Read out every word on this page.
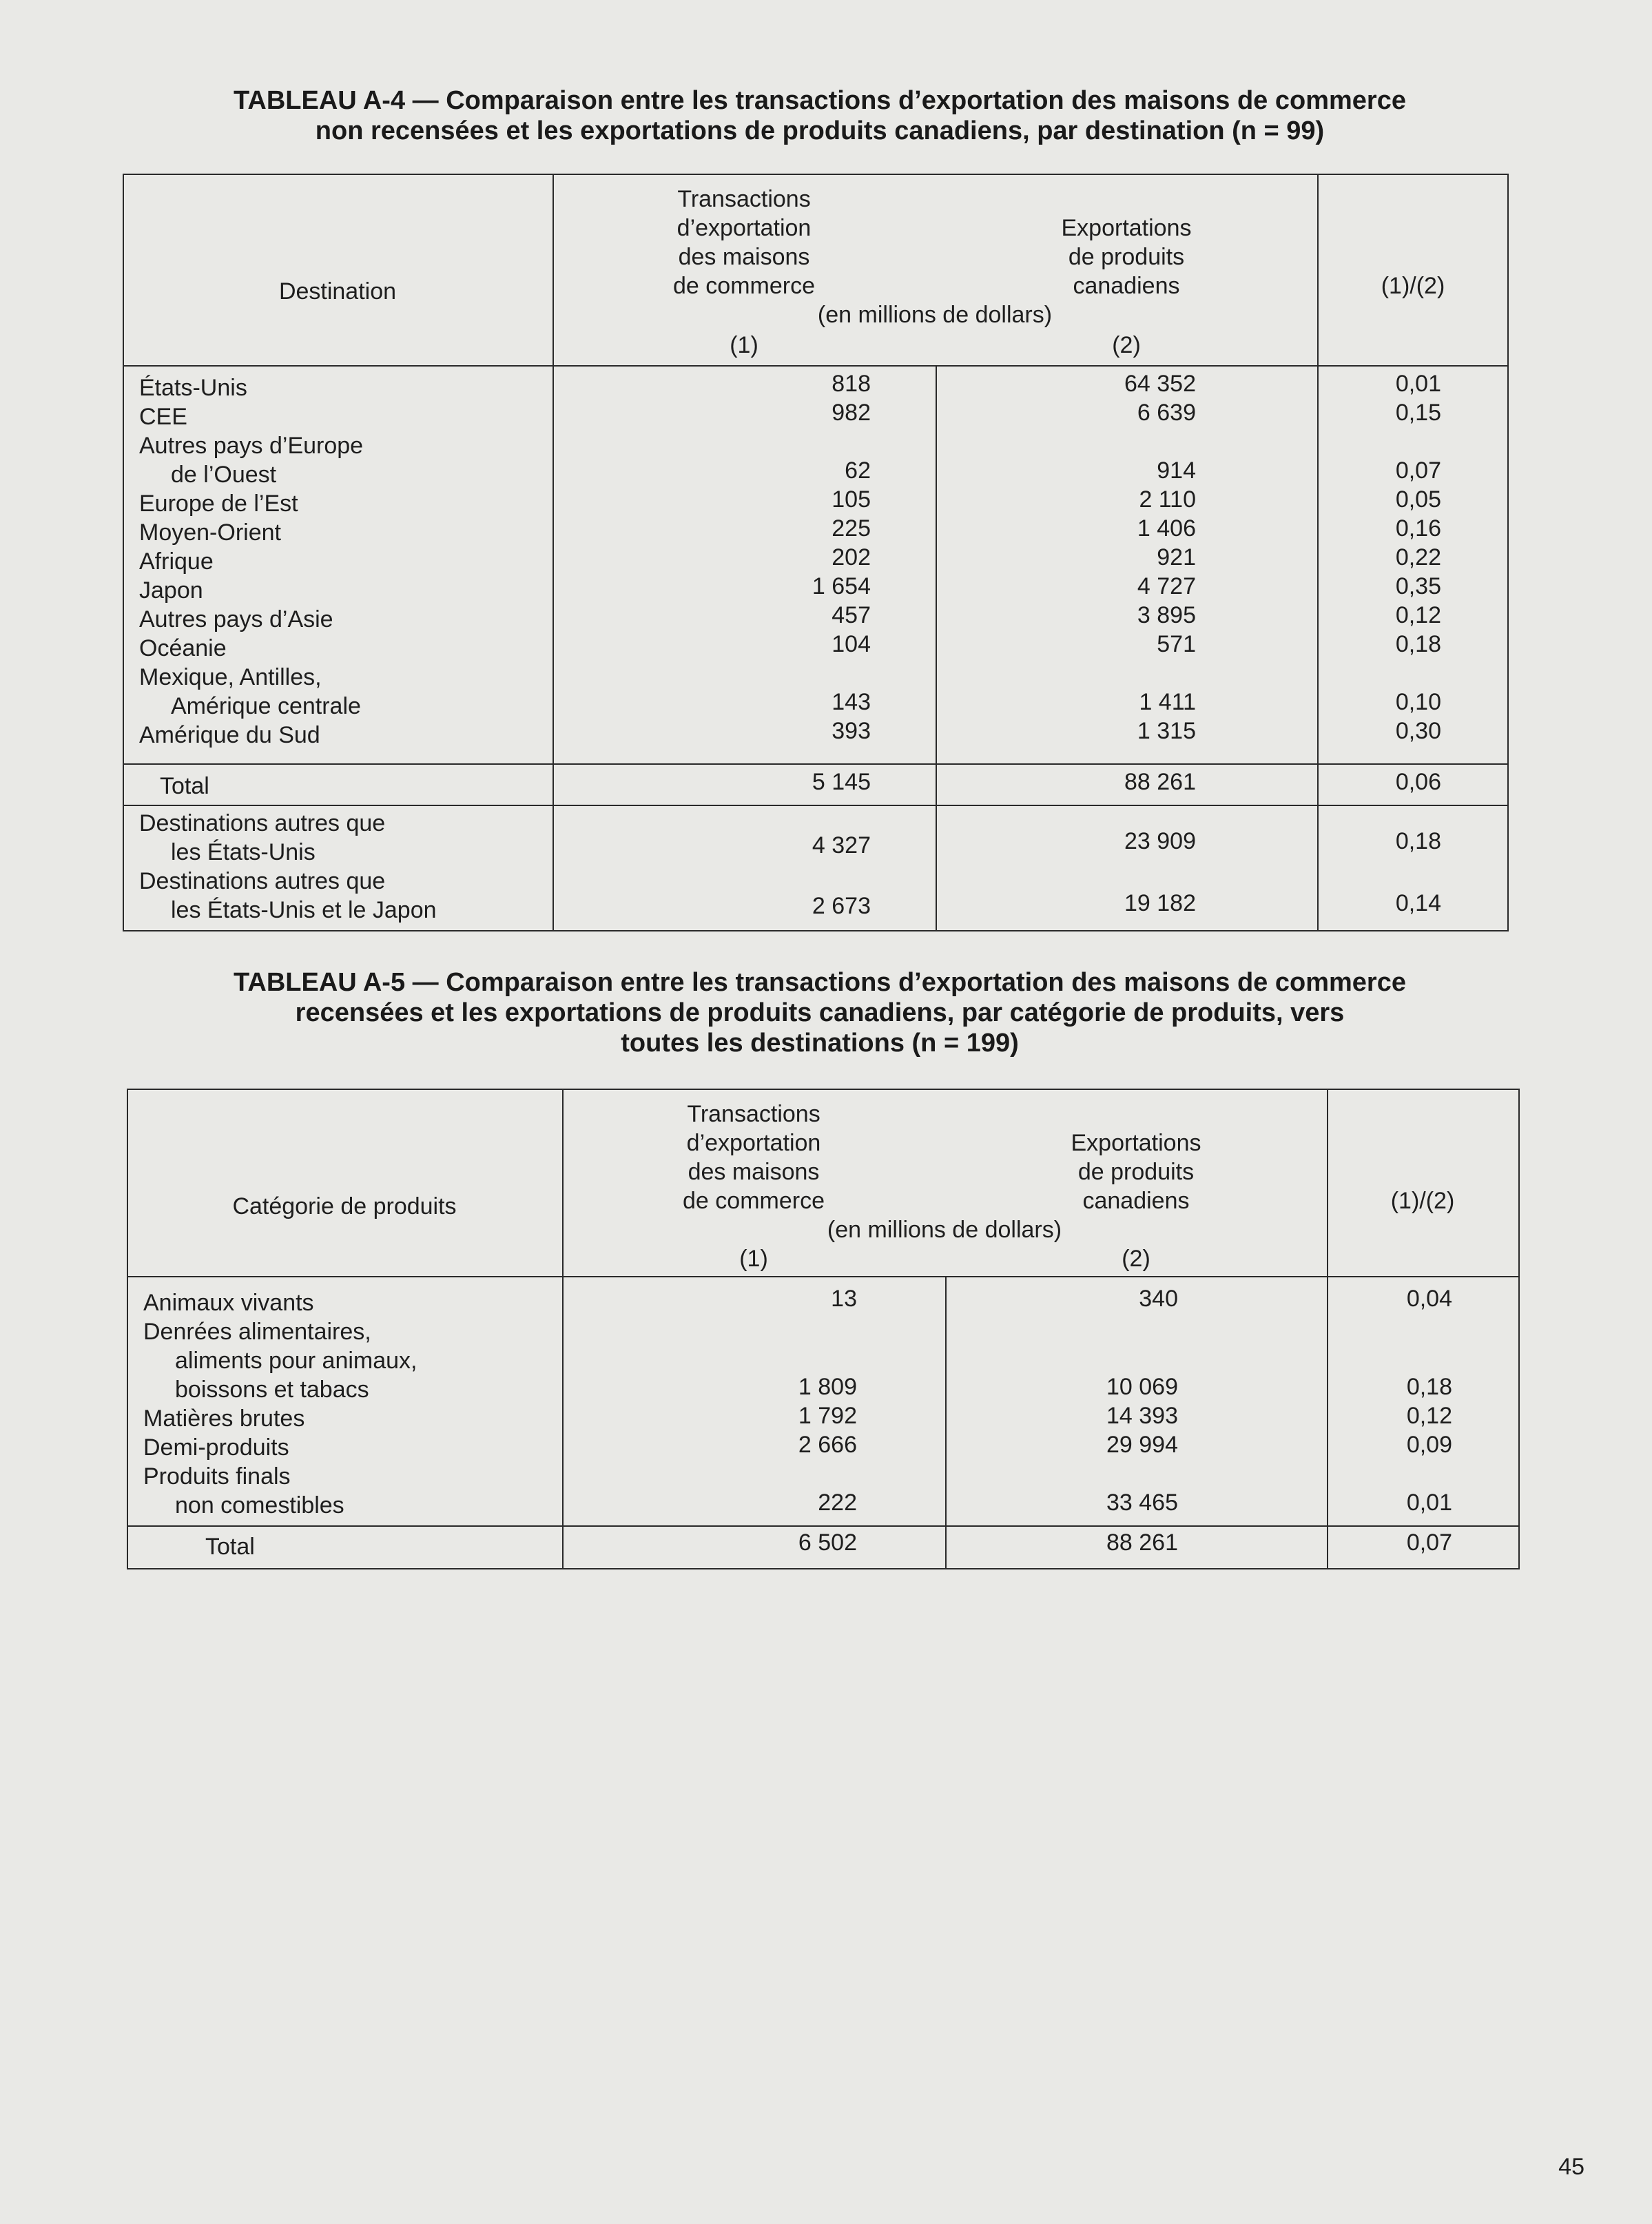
TABLEAU A-4 — Comparaison entre les transactions d’exportation des maisons de commerce
non recensées et les exportations de produits canadiens, par destination (n = 99)
Destination
Transactions
d’exportation
des maisons
de commerce
Exportations
de produits
canadiens
(en millions de dollars)
(1)	(2)
(1)/(2)
États-Unis	818	64 352	0,01
CEE	982	6 639	0,15
Autres pays d’Europe
de l’Ouest	62	914	0,07
Europe de l’Est	105	2 110	0,05
Moyen-Orient	225	1 406	0,16
Afrique	202	921	0,22
Japon	1 654	4 727	0,35
Autres pays d’Asie	457	3 895	0,12
Océanie	104	571	0,18
Mexique, Antilles,
Amérique centrale	143	1 411	0,10
Amérique du Sud	393	1 315	0,30
Total	5 145	88 261	0,06
Destinations autres que
les États-Unis	4 327	23 909	0,18
Destinations autres que
les États-Unis et le Japon	2 673	19 182	0,14
TABLEAU A-5 — Comparaison entre les transactions d’exportation des maisons de commerce
recensées et les exportations de produits canadiens, par catégorie de produits, vers
toutes les destinations (n = 199)
Catégorie de produits
Transactions
d’exportation
des maisons
de commerce
Exportations
de produits
canadiens
(en millions de dollars)
(1)	(2)
(1)/(2)
Animaux vivants	13	340	0,04
Denrées alimentaires,
aliments pour animaux,
boissons et tabacs	1 809	10 069	0,18
Matières brutes	1 792	14 393	0,12
Demi-produits	2 666	29 994	0,09
Produits finals
non comestibles	222	33 465	0,01
Total	6 502	88 261	0,07
45
